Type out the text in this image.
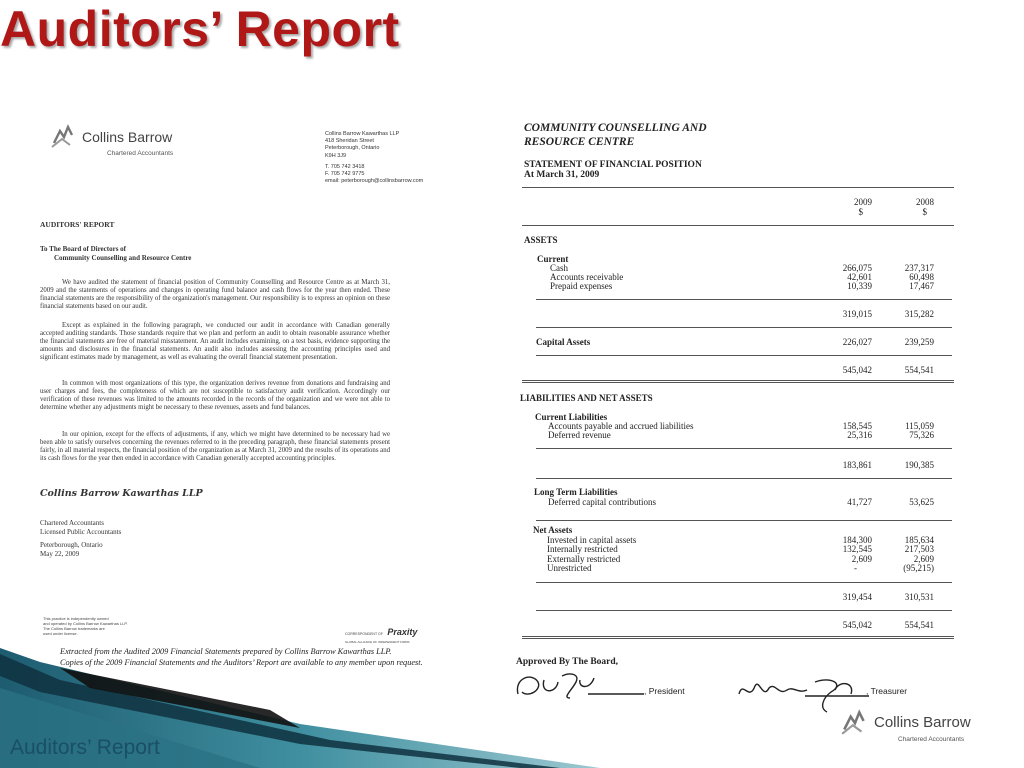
Auditors’ Report
Collins Barrow
Chartered Accountants
Collins Barrow Kawarthas LLP
418 Sheridan Street
Peterborough, Ontario
K9H 3J9
T. 705 742 3418
F. 705 742 9775
email: peterborough@collinsbarrow.com
AUDITORS' REPORT
To The Board of Directors of
Community Counselling and Resource Centre

We have audited the statement of financial position of Community Counselling and Resource Centre as at March 31, 2009 and the statements of operations and changes in operating fund balance and cash flows for the year then ended. These financial statements are the responsibility of the organization's management. Our responsibility is to express an opinion on these financial statements based on our audit.

Except as explained in the following paragraph, we conducted our audit in accordance with Canadian generally accepted auditing standards. Those standards require that we plan and perform an audit to obtain reasonable assurance whether the financial statements are free of material misstatement. An audit includes examining, on a test basis, evidence supporting the amounts and disclosures in the financial statements. An audit also includes assessing the accounting principles used and significant estimates made by management, as well as evaluating the overall financial statement presentation.

In common with most organizations of this type, the organization derives revenue from donations and fundraising and user charges and fees, the completeness of which are not susceptible to satisfactory audit verification. Accordingly our verification of these revenues was limited to the amounts recorded in the records of the organization and we were not able to determine whether any adjustments might be necessary to these revenues, assets and fund balances.

In our opinion, except for the effects of adjustments, if any, which we might have determined to be necessary had we been able to satisfy ourselves concerning the revenues referred to in the preceding paragraph, these financial statements present fairly, in all material respects, the financial position of the organization as at March 31, 2009 and the results of its operations and its cash flows for the year then ended in accordance with Canadian generally accepted accounting principles.

Collins Barrow Kawarthas LLP
Chartered Accountants
Licensed Public Accountants
Peterborough, Ontario
May 22, 2009
This practice is independently owned
and operated by Collins Barrow Kawarthas LLP.
The Collins Barrow trademarks are
used under license.	CORRESPONDENT OF Praxity
GLOBAL ALLIANCE OF INDEPENDENT FIRMS
COMMUNITY COUNSELLING AND
RESOURCE CENTRE
STATEMENT OF FINANCIAL POSITION
At March 31, 2009
2009	2008
$	$
ASSETS
Current
Cash	266,075	237,317
Accounts receivable	42,601	60,498
Prepaid expenses	10,339	17,467
319,015	315,282
Capital Assets	226,027	239,259
545,042	554,541
LIABILITIES AND NET ASSETS
Current Liabilities
Accounts payable and accrued liabilities	158,545	115,059
Deferred revenue	25,316	75,326
183,861	190,385
Long Term Liabilities
Deferred capital contributions	41,727	53,625
Net Assets
Invested in capital assets	184,300	185,634
Internally restricted	132,545	217,503
Externally restricted	2,609	2,609
Unrestricted	-	(95,215)
319,454	310,531
545,042	554,541
Approved By The Board,
, President	, Treasurer
Collins Barrow
Chartered Accountants
Extracted from the Audited 2009 Financial Statements prepared by Collins Barrow Kawarthas LLP.
Copies of the 2009 Financial Statements and the Auditors’ Report are available to any member upon request.
Auditors’ Report
